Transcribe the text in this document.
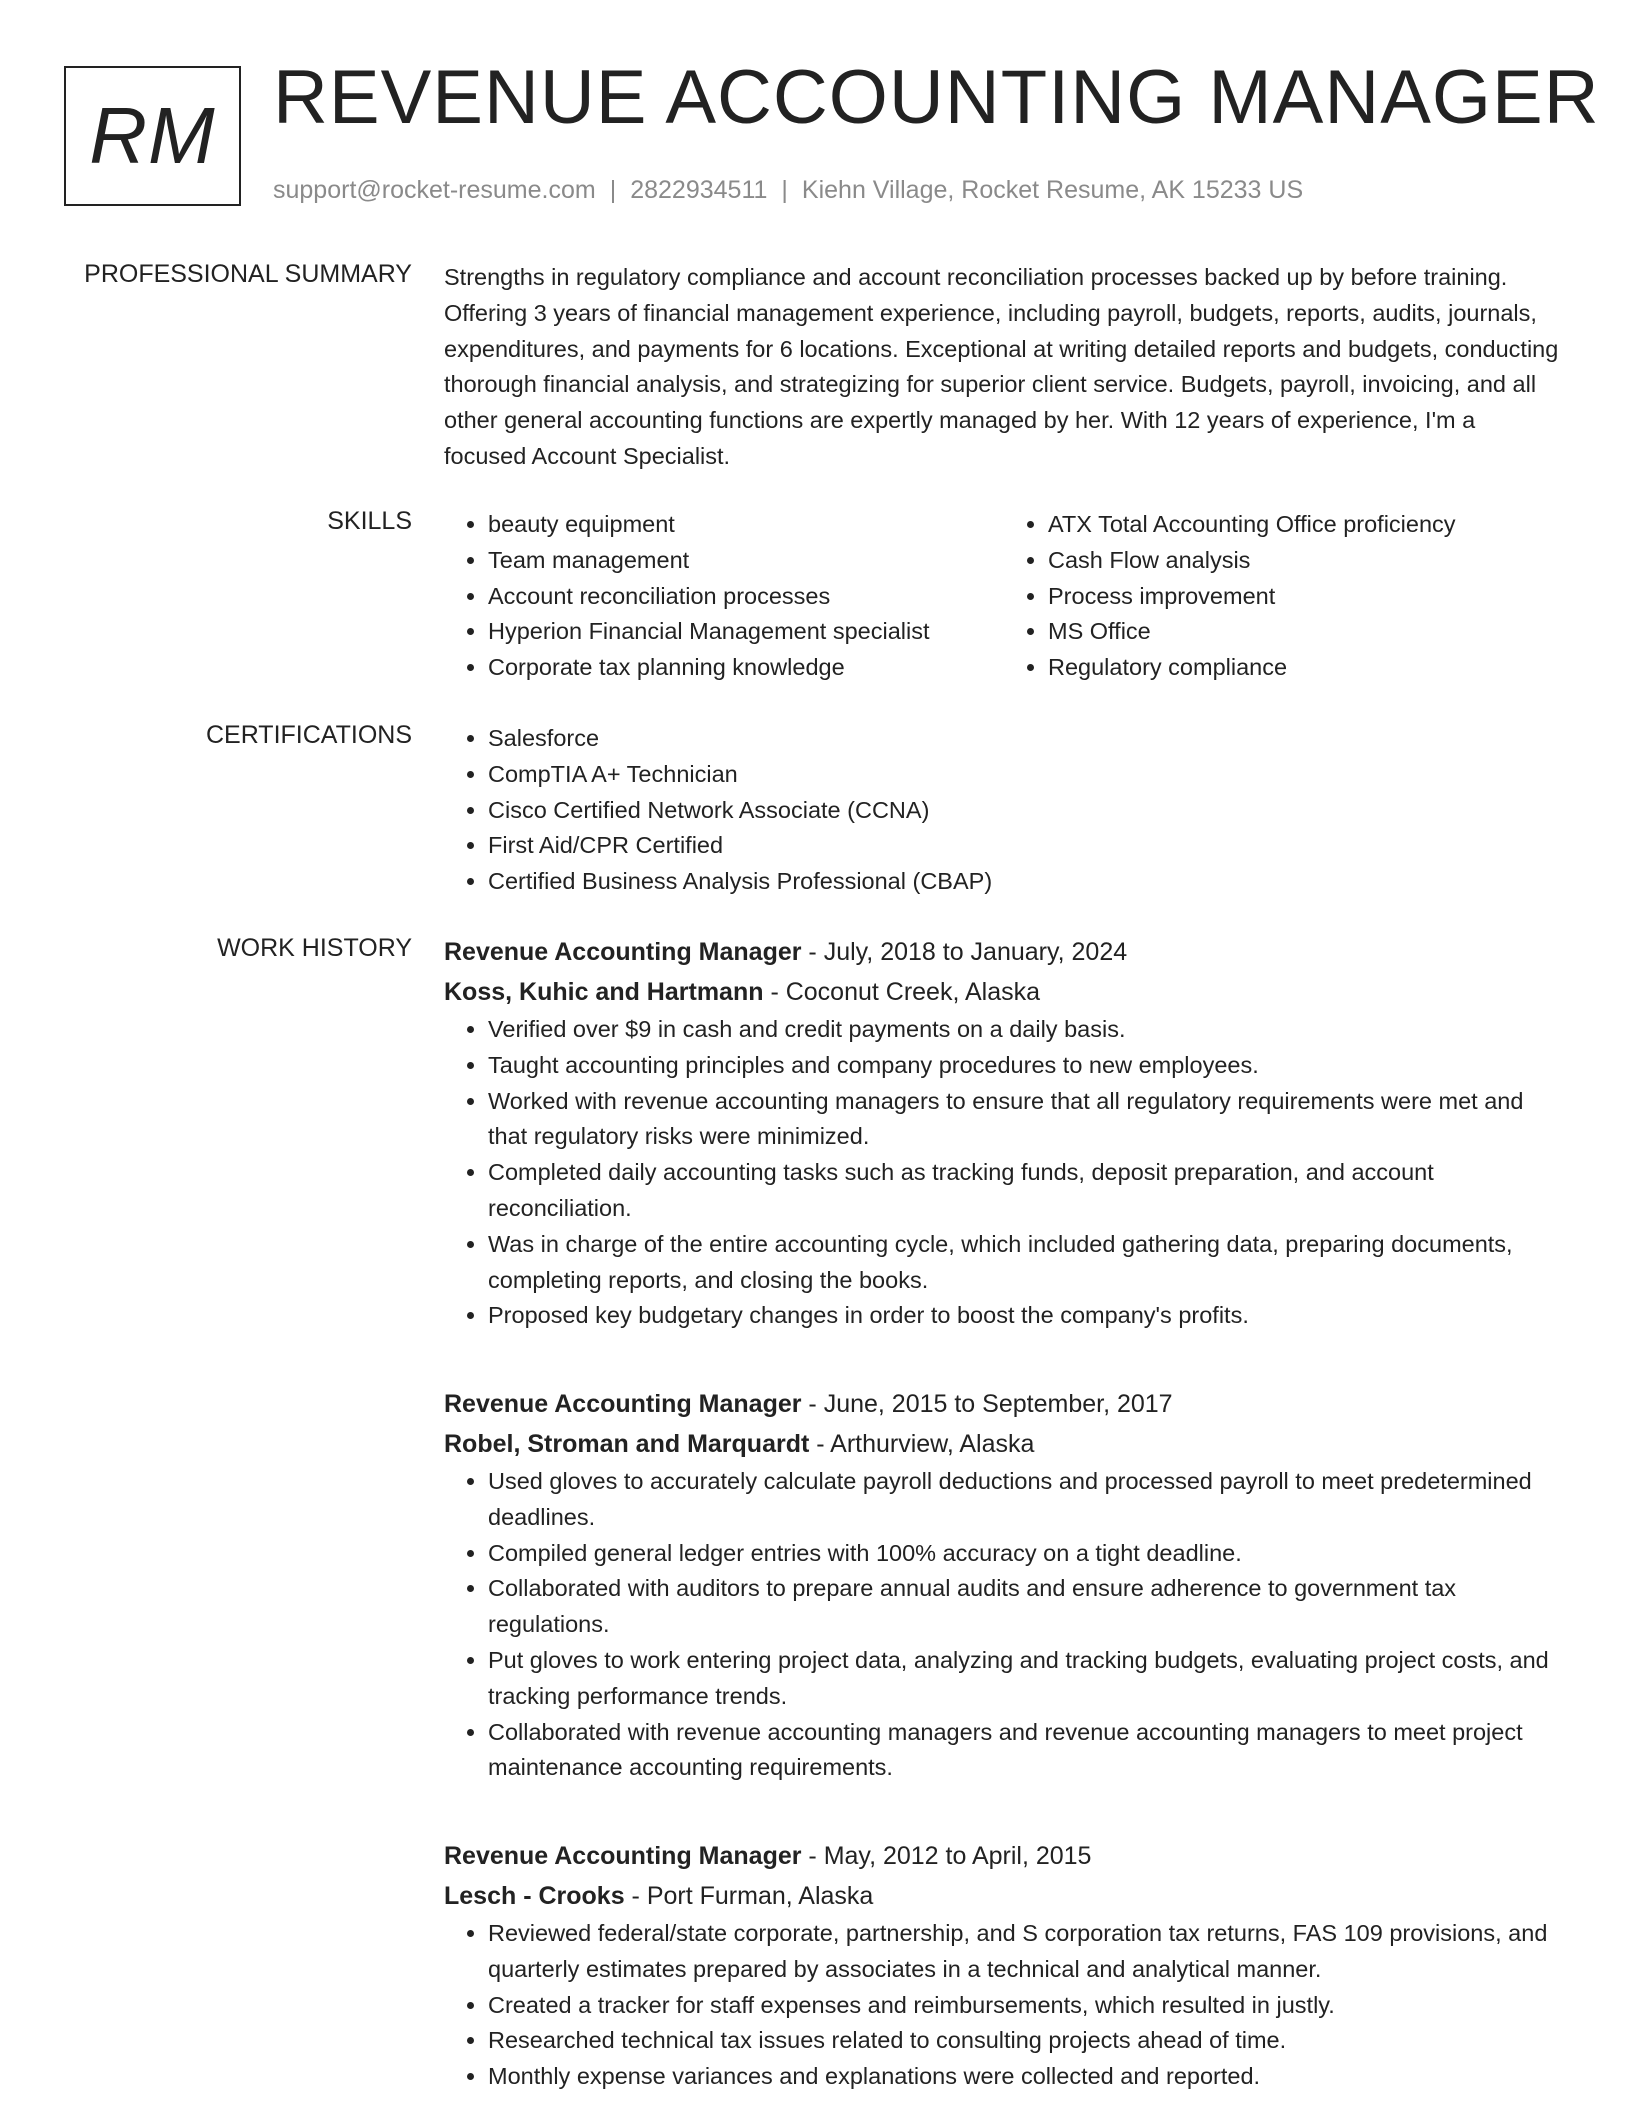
RM REVENUE ACCOUNTING MANAGER
support@rocket-resume.com | 2822934511 | Kiehn Village, Rocket Resume, AK 15233 US
PROFESSIONAL SUMMARY Strengths in regulatory compliance and account reconciliation processes backed up by before training. Offering 3 years of financial management experience, including payroll, budgets, reports, audits, journals, expenditures, and payments for 6 locations. Exceptional at writing detailed reports and budgets, conducting thorough financial analysis, and strategizing for superior client service. Budgets, payroll, invoicing, and all other general accounting functions are expertly managed by her. With 12 years of experience, I'm a focused Account Specialist.

SKILLS	• beauty equipment
• Team management
• Account reconciliation processes
• Hyperion Financial Management specialist
• Corporate tax planning knowledge
• ATX Total Accounting Office proficiency
• Cash Flow analysis
• Process improvement
• MS Office
• Regulatory compliance
CERTIFICATIONS	• Salesforce
• CompTIA A+ Technician
• Cisco Certified Network Associate (CCNA)
• First Aid/CPR Certified
• Certified Business Analysis Professional (CBAP)
WORK HISTORY Revenue Accounting Manager - July, 2018 to January, 2024
Koss, Kuhic and Hartmann - Coconut Creek, Alaska
• Verified over $9 in cash and credit payments on a daily basis.
• Taught accounting principles and company procedures to new employees.
• Worked with revenue accounting managers to ensure that all regulatory requirements were met and that regulatory risks were minimized.
• Completed daily accounting tasks such as tracking funds, deposit preparation, and account reconciliation.
• Was in charge of the entire accounting cycle, which included gathering data, preparing documents, completing reports, and closing the books.
• Proposed key budgetary changes in order to boost the company's profits.
Revenue Accounting Manager - June, 2015 to September, 2017
Robel, Stroman and Marquardt - Arthurview, Alaska
• Used gloves to accurately calculate payroll deductions and processed payroll to meet predetermined deadlines.
• Compiled general ledger entries with 100% accuracy on a tight deadline.
• Collaborated with auditors to prepare annual audits and ensure adherence to government tax regulations.
• Put gloves to work entering project data, analyzing and tracking budgets, evaluating project costs, and tracking performance trends.
• Collaborated with revenue accounting managers and revenue accounting managers to meet project maintenance accounting requirements.
Revenue Accounting Manager - May, 2012 to April, 2015
Lesch - Crooks - Port Furman, Alaska
• Reviewed federal/state corporate, partnership, and S corporation tax returns, FAS 109 provisions, and quarterly estimates prepared by associates in a technical and analytical manner.
• Created a tracker for staff expenses and reimbursements, which resulted in justly.
• Researched technical tax issues related to consulting projects ahead of time.
• Monthly expense variances and explanations were collected and reported.
